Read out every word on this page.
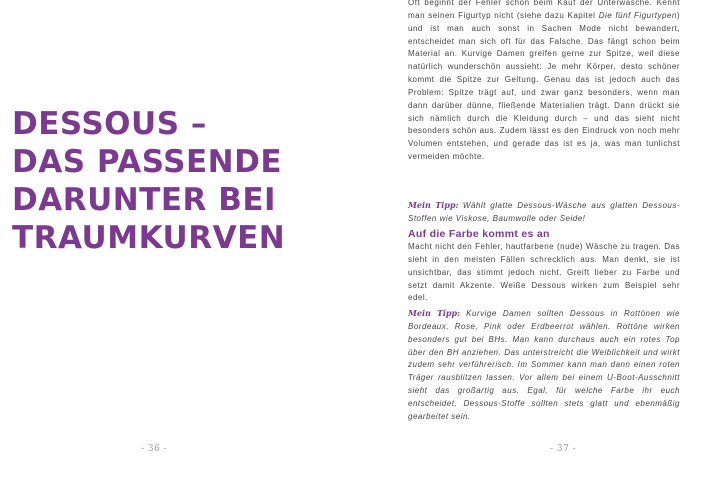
DESSOUS –
DAS PASSENDE
DARUNTER BEI
TRAUMKURVEN
- 36 -

Oft beginnt der Fehler schon beim Kauf der Unterwäsche. Kennt man seinen Figurtyp nicht (siehe dazu Kapitel Die fünf Figurtypen) und ist man auch sonst in Sachen Mode nicht bewandert, entscheidet man sich oft für das Falsche. Das fängt schon beim Material an. Kurvige Damen greifen gerne zur Spitze, weil diese natürlich wunderschön aussieht: Je mehr Körper, desto schöner kommt die Spitze zur Geltung. Genau das ist jedoch auch das Problem: Spitze trägt auf, und zwar ganz besonders, wenn man dann darüber dünne, fließende Materialien trägt. Dann drückt sie sich nämlich durch die Kleidung durch – und das sieht nicht besonders schön aus. Zudem lässt es den Eindruck von noch mehr Volumen entstehen, und gerade das ist es ja, was man tunlichst vermeiden möchte.

Mein Tipp: Wählt glatte Dessous-Wäsche aus glatten Dessous-Stoffen wie Viskose, Baumwolle oder Seide!

Auf die Farbe kommt es an

Macht nicht den Fehler, hautfarbene (nude) Wäsche zu tragen. Das sieht in den meisten Fällen schrecklich aus. Man denkt, sie ist unsichtbar, das stimmt jedoch nicht. Greift lieber zu Farbe und setzt damit Akzente. Weiße Dessous wirken zum Beispiel sehr edel.

Mein Tipp: Kurvige Damen sollten Dessous in Rottönen wie Bordeaux, Rose, Pink oder Erdbeerrot wählen. Rottöne wirken besonders gut bei BHs. Man kann durchaus auch ein rotes Top über den BH anziehen. Das unterstreicht die Weiblichkeit und wirkt zudem sehr verführerisch. Im Sommer kann man dann einen roten Träger rausblitzen lassen. Vor allem bei einem U-Boot-Ausschnitt sieht das großartig aus. Egal, für welche Farbe ihr euch entscheidet, Dessous-Stoffe sollten stets glatt und ebenmäßig gearbeitet sein.

- 37 -
